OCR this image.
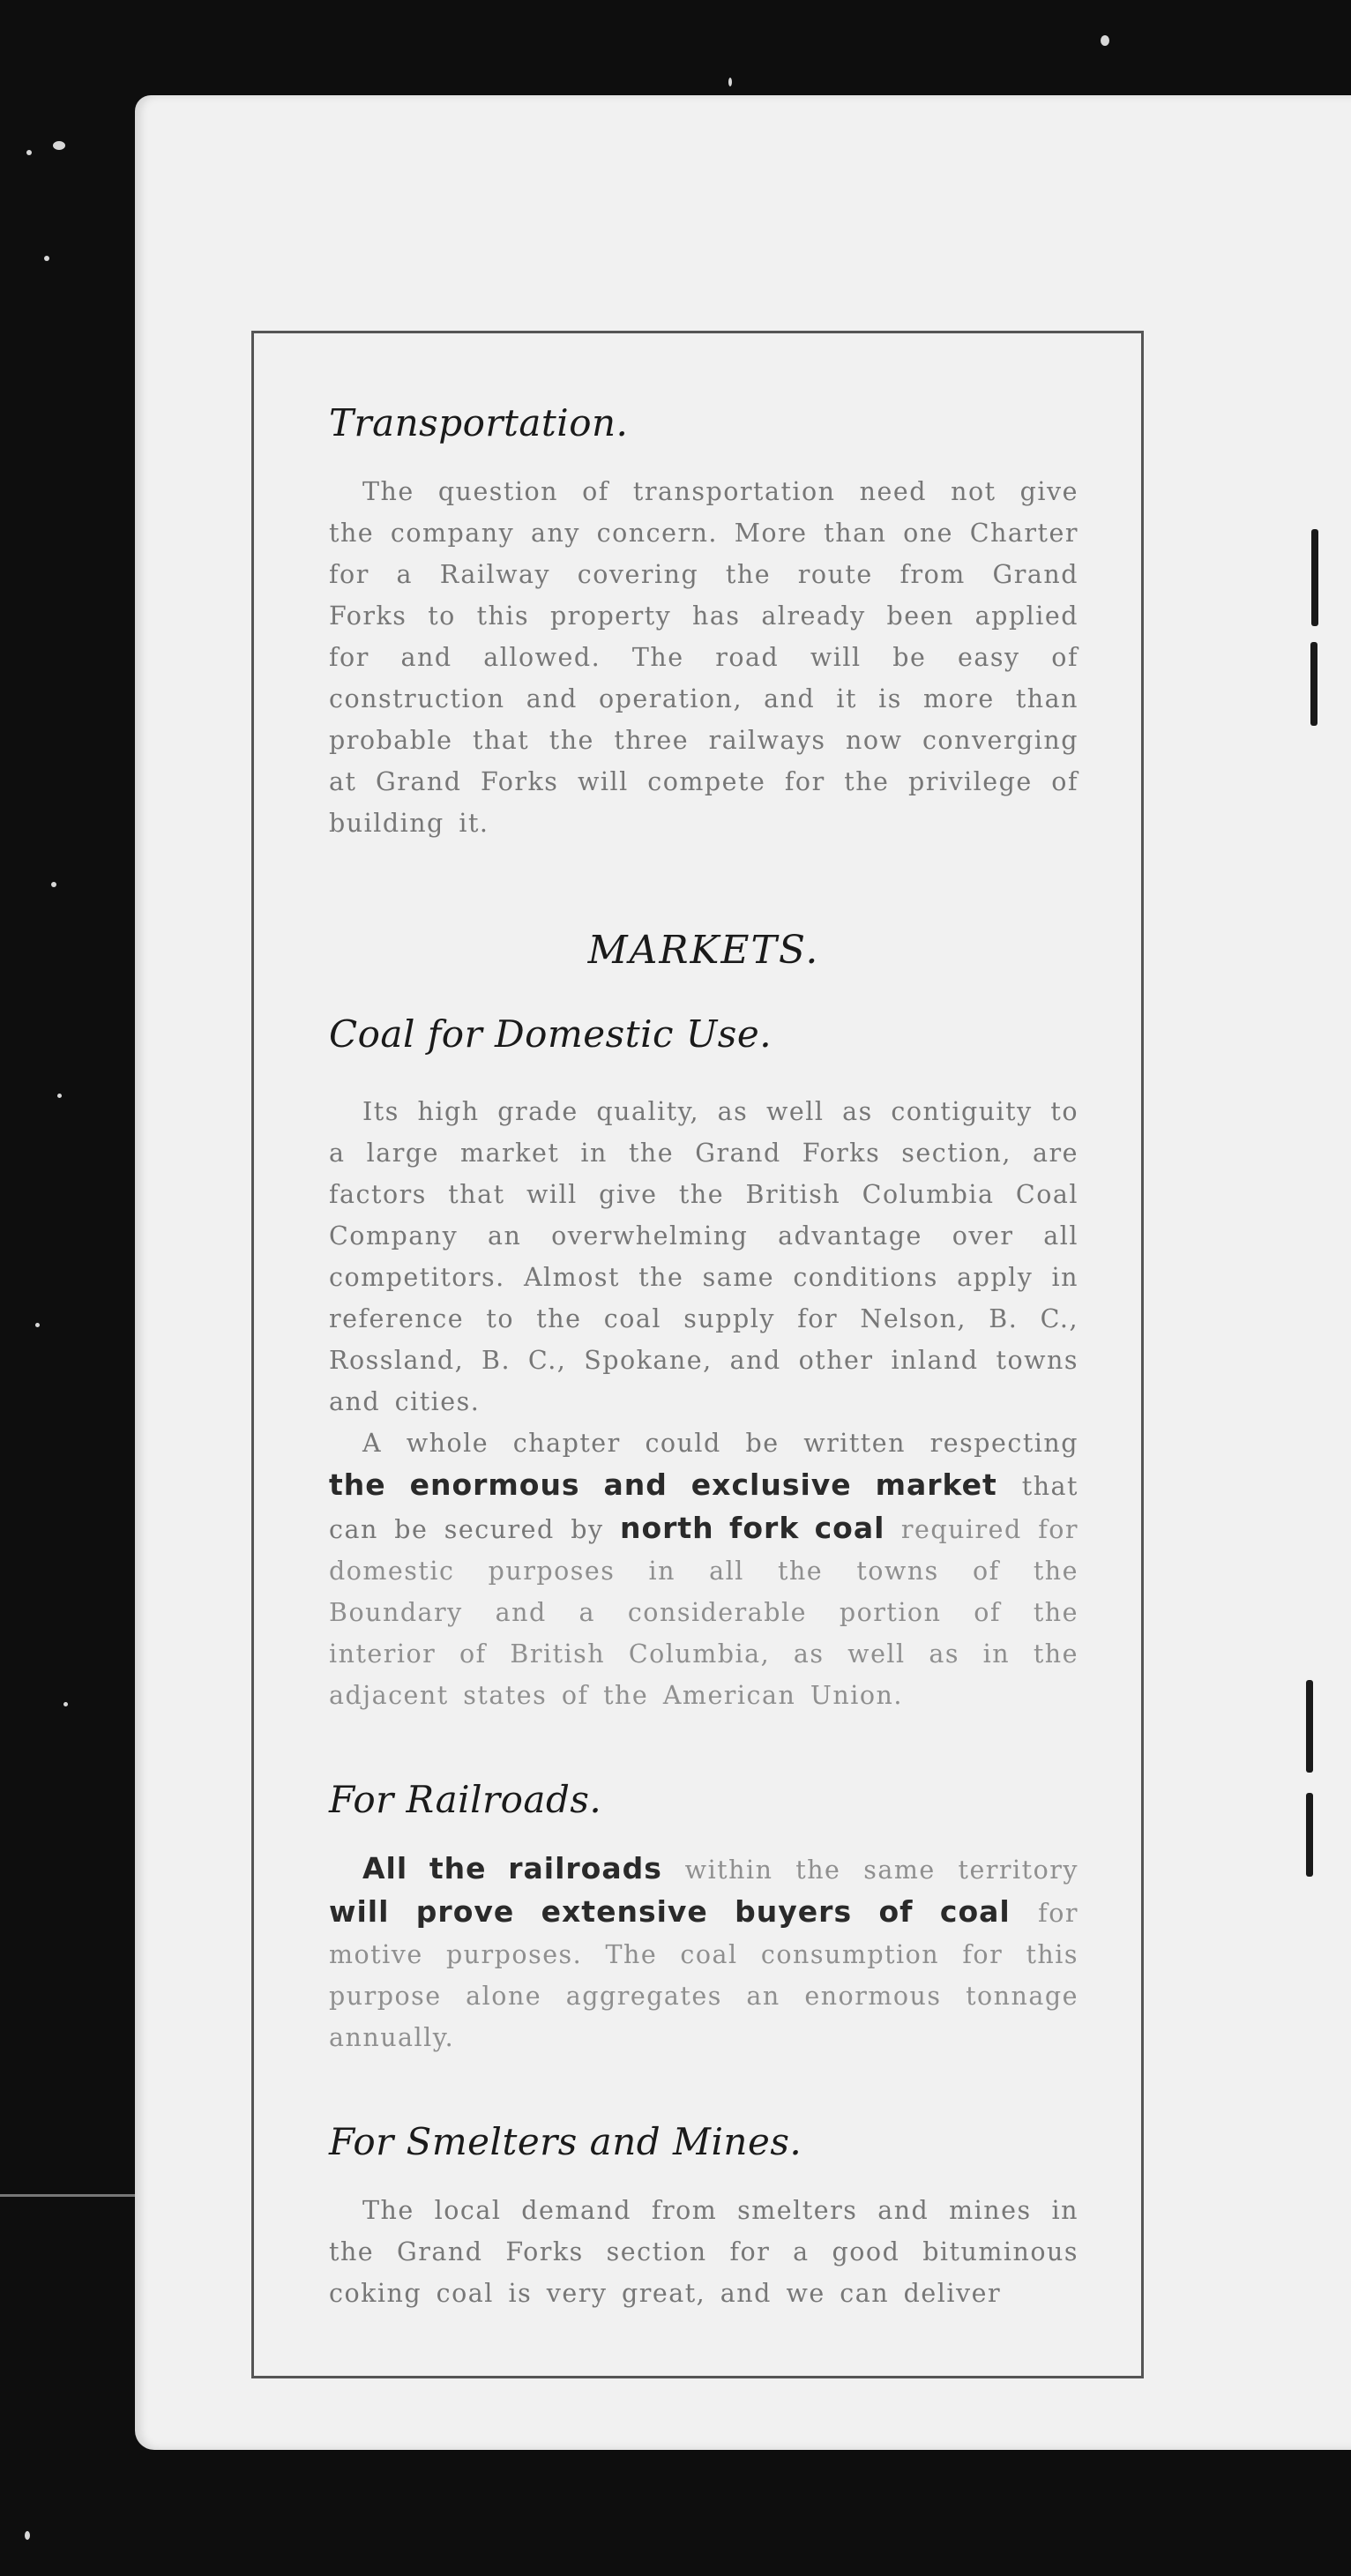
Transportation.

The question of transportation need not give the company any concern. More than one Charter for a Railway covering the route from Grand Forks to this property has already been applied for and allowed. The road will be easy of construction and operation, and it is more than probable that the three railways now converging at Grand Forks will compete for the privilege of building it.

MARKETS.
Coal for Domestic Use.

Its high grade quality, as well as contiguity to a large market in the Grand Forks section, are factors that will give the British Columbia Coal Company an overwhelming advantage over all competitors. Almost the same conditions apply in reference to the coal supply for Nelson, B. C., Rossland, B. C., Spokane, and other inland towns and cities.

A whole chapter could be written respecting the enormous and exclusive market that can be secured by north fork coal required for domestic purposes in all the towns of the Boundary and a considerable portion of the interior of British Columbia, as well as in the adjacent states of the American Union.

For Railroads.

All the railroads within the same territory will prove extensive buyers of coal for motive purposes. The coal consumption for this purpose alone aggregates an enormous tonnage annually.

For Smelters and Mines.

The local demand from smelters and mines in the Grand Forks section for a good bituminous coking coal is very great, and we can deliver
